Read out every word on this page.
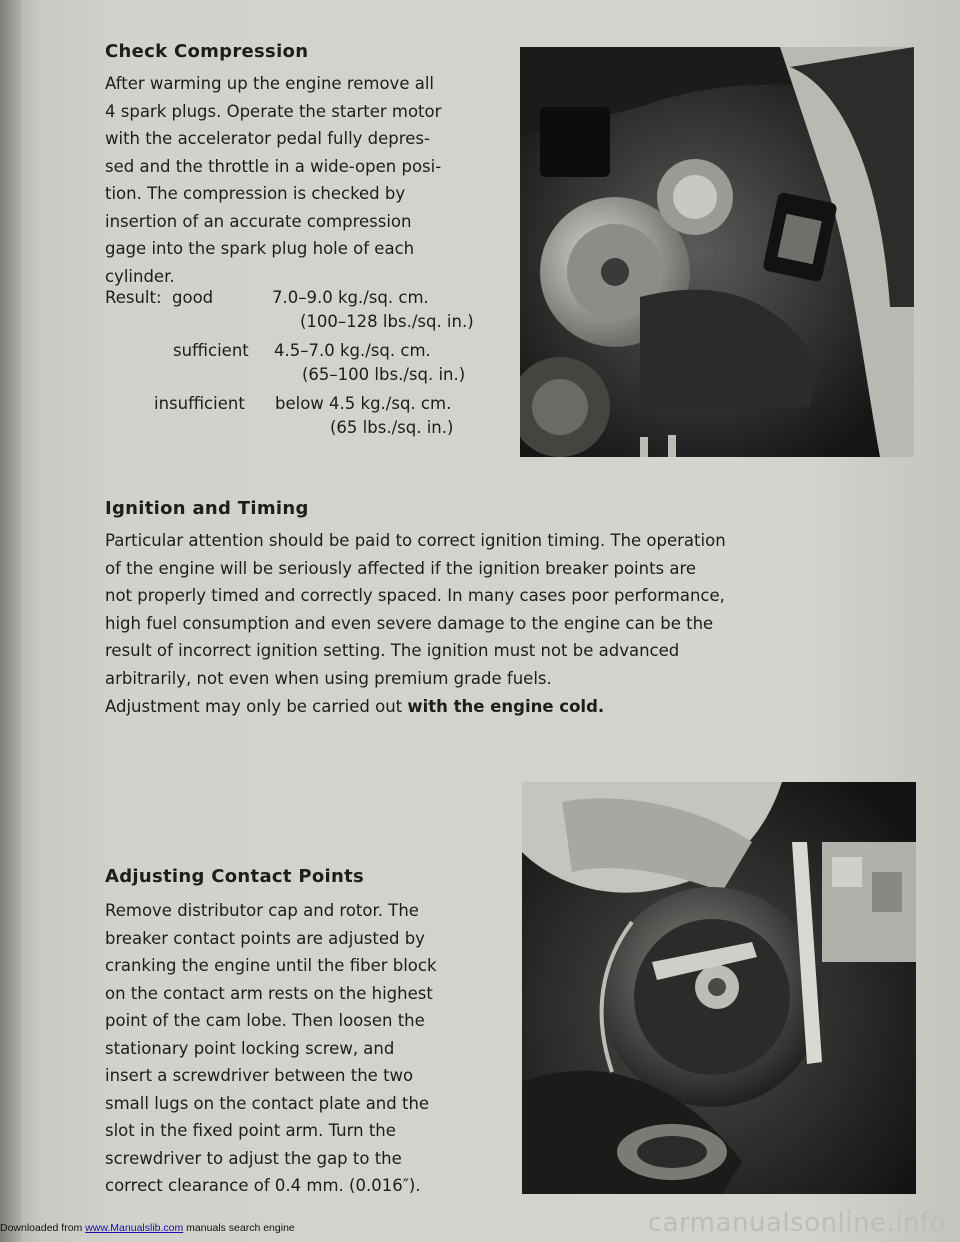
Check Compression
After warming up the engine remove all
4 spark plugs. Operate the starter motor
with the accelerator pedal fully depres-
sed and the throttle in a wide-open posi-
tion. The compression is checked by
insertion of an accurate compression
gage into the spark plug hole of each
cylinder.
Result: good	7.0–9.0 kg./sq. cm.
(100–128 lbs./sq. in.)
sufficient 4.5–7.0 kg./sq. cm.
(65–100 lbs./sq. in.)
insufficient below 4.5 kg./sq. cm.
(65 lbs./sq. in.)
Ignition and Timing
Particular attention should be paid to correct ignition timing. The operation
of the engine will be seriously affected if the ignition breaker points are
not properly timed and correctly spaced. In many cases poor performance,
high fuel consumption and even severe damage to the engine can be the
result of incorrect ignition setting. The ignition must not be advanced
arbitrarily, not even when using premium grade fuels.
Adjustment may only be carried out with the engine cold.
Adjusting Contact Points
Remove distributor cap and rotor. The
breaker contact points are adjusted by
cranking the engine until the fiber block
on the contact arm rests on the highest
point of the cam lobe. Then loosen the
stationary point locking screw, and
insert a screwdriver between the two
small lugs on the contact plate and the
slot in the fixed point arm. Turn the
screwdriver to adjust the gap to the
correct clearance of 0.4 mm. (0.016″).
Downloaded from www.Manualslib.com manuals search engine	carmanualsonline.info
